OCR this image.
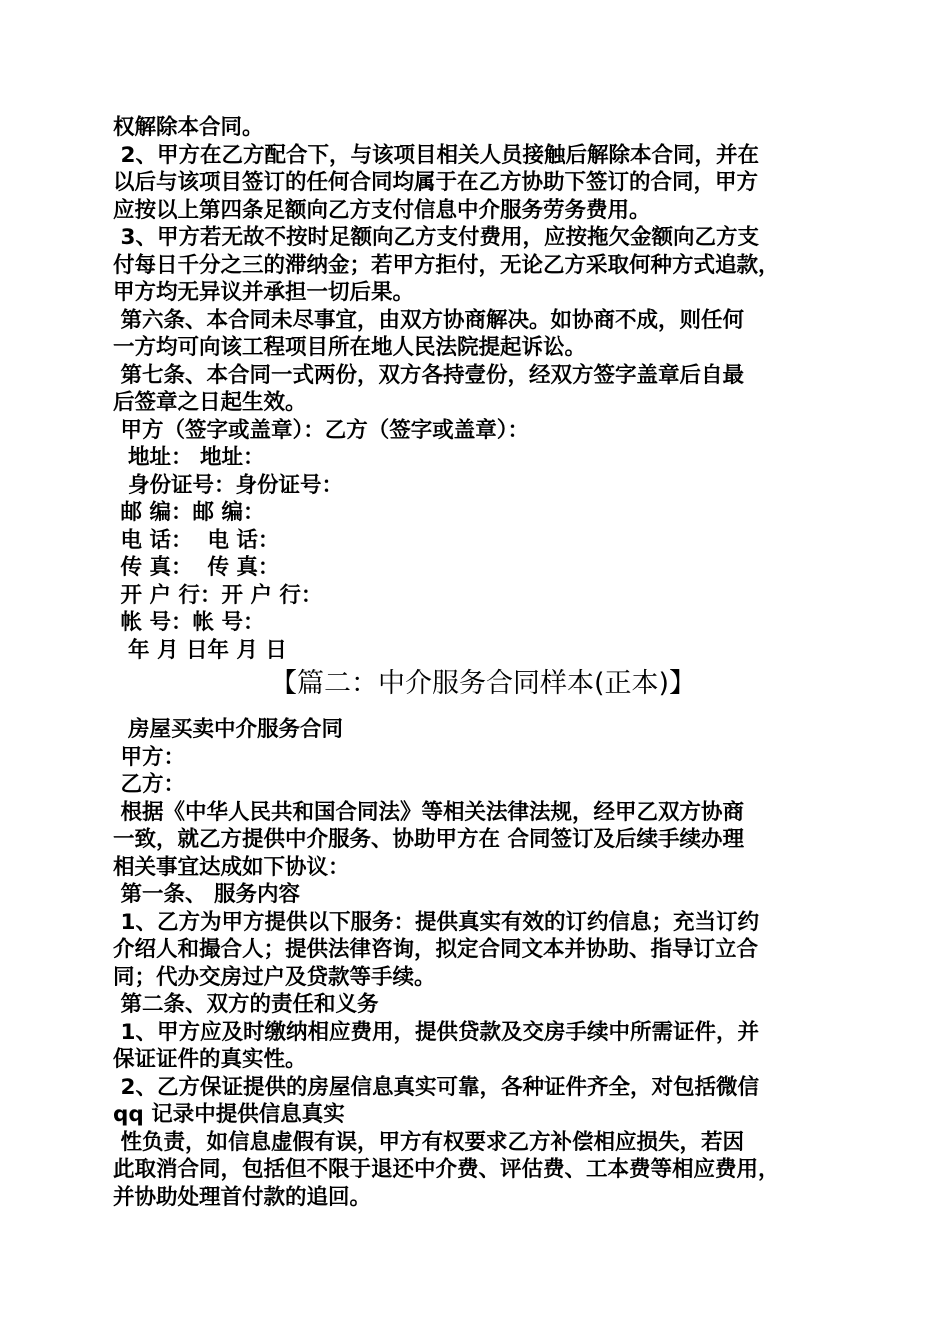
权解除本合同。
2、甲方在乙方配合下，与该项目相关人员接触后解除本合同，并在
以后与该项目签订的任何合同均属于在乙方协助下签订的合同，甲方
应按以上第四条足额向乙方支付信息中介服务劳务费用。
3、甲方若无故不按时足额向乙方支付费用，应按拖欠金额向乙方支
付每日千分之三的滞纳金；若甲方拒付，无论乙方采取何种方式追款，
甲方均无异议并承担一切后果。
第六条、本合同未尽事宜，由双方协商解决。如协商不成，则任何
一方均可向该工程项目所在地人民法院提起诉讼。
第七条、本合同一式两份，双方各持壹份，经双方签字盖章后自最
后签章之日起生效。
甲方（签字或盖章）：乙方（签字或盖章）：
地址： 地址：
身份证号：身份证号：
邮 编：邮 编：
电 话：  电 话：
传 真：  传 真：
开 户 行：开 户 行：
帐 号：帐 号：
年 月 日年 月 日
【篇二：中介服务合同样本(正本)】
房屋买卖中介服务合同
甲方：
乙方：
根据《中华人民共和国合同法》等相关法律法规，经甲乙双方协商
一致，就乙方提供中介服务、协助甲方在 合同签订及后续手续办理
相关事宜达成如下协议：
第一条、 服务内容
1、乙方为甲方提供以下服务：提供真实有效的订约信息；充当订约
介绍人和撮合人；提供法律咨询，拟定合同文本并协助、指导订立合
同；代办交房过户及贷款等手续。
第二条、双方的责任和义务
1、甲方应及时缴纳相应费用，提供贷款及交房手续中所需证件，并
保证证件的真实性。
2、乙方保证提供的房屋信息真实可靠，各种证件齐全，对包括微信
qq 记录中提供信息真实
性负责，如信息虚假有误，甲方有权要求乙方补偿相应损失，若因
此取消合同，包括但不限于退还中介费、评估费、工本费等相应费用，
并协助处理首付款的追回。
